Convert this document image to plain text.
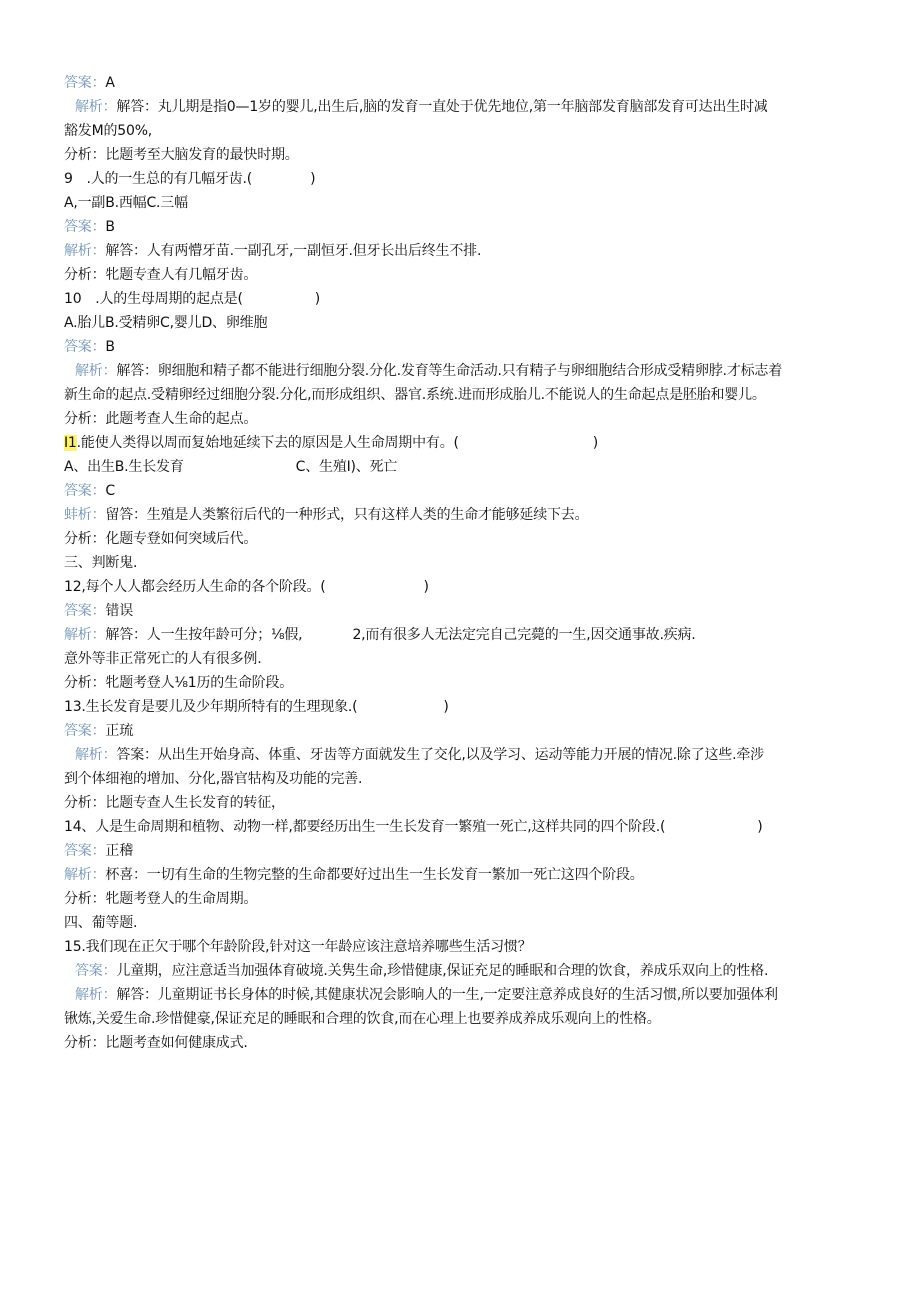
答案：A
解析：解答：丸儿期是指0—1岁的婴儿,出生后,脑的发育一直处于优先地位,第一年脑部发育脑部发育可达出生时减
豁发M的50%,
分析：比题考至大脑发育的最快时期。
9　.人的一生总的有几幅牙齿.(	)
A,一副B.西幅C.三幅
答案：B
解析：解答：人有两懵牙苗.一副孔牙,一副恒牙.但牙长出后终生不排.
分析：牝题专查人有几幅牙齿。
10　.人的生母周期的起点是(	)
A.胎儿B.受精卵C,婴儿D、卵维胞
答案：B
解析：解答：卵细胞和精子都不能进行细胞分裂.分化.发育等生命活动.只有精子与卵细胞结合形成受精卵脖.才标志着
新生命的起点.受精卵经过细胞分裂.分化,而形成组织、器官.系统.进而形成胎儿.不能说人的生命起点是胚胎和婴儿。
分析：此题考查人生命的起点。
I1.能使人类得以周而复始地延续下去的原因是人生命周期中有。(	)
A、出生B.生长发育	C、生殖I)、死亡
答案：C
蚌析：留答：生殖是人类繁衍后代的一种形式，只有这样人类的生命才能够延续下去。
分析：化题专登如何突域后代。
三、判断鬼.
12,每个人人都会经历人生命的各个阶段。(	)
答案：错误
解析：解答：人一生按年龄可分；⅛假,	2,而有很多人无法定完自己完薨的一生,因交通事故.疾病.
意外等非正常死亡的人有很多例.
分析：牝题考登人⅛1历的生命阶段。
13.生长发育是要儿及少年期所特有的生理现象.(	)
答案：正琉
解析：答案：从出生开始身高、体重、牙齿等方面就发生了交化,以及学习、运动等能力开展的情况.除了这些.牵涉
到个体细袍的增加、分化,器官牯构及功能的完善.
分析：比题专查人生长发育的转征，
14、人是生命周期和植物、动物一样,都要经历出生一生长发育一繁殖一死亡,这样共同的四个阶段.(	)
答案：正稽
解析：杯喜：一切有生命的生物完整的生命都要好过出生一生长发育一繁加一死亡这四个阶段。
分析：牝题考登人的生命周期。
四、葡等题.
15.我们现在正欠于哪个年龄阶段,针对这一年龄应该注意培养哪些生活习惯？
答案：儿童期，应注意适当加强体育破境.关隽生命,珍惜健康,保证充足的睡眠和合理的饮食，养成乐双向上的性格.
解析：解答：儿童期证书长身体的时候,其健康状况会影晌人的一生,一定要注意养成良好的生活习惯,所以要加强体利
锹炼,关爱生命.珍惜健豪,保证充足的睡眠和合理的饮食,而在心理上也要养成养成乐观向上的性格。
分析：比题考查如何健康成式.
